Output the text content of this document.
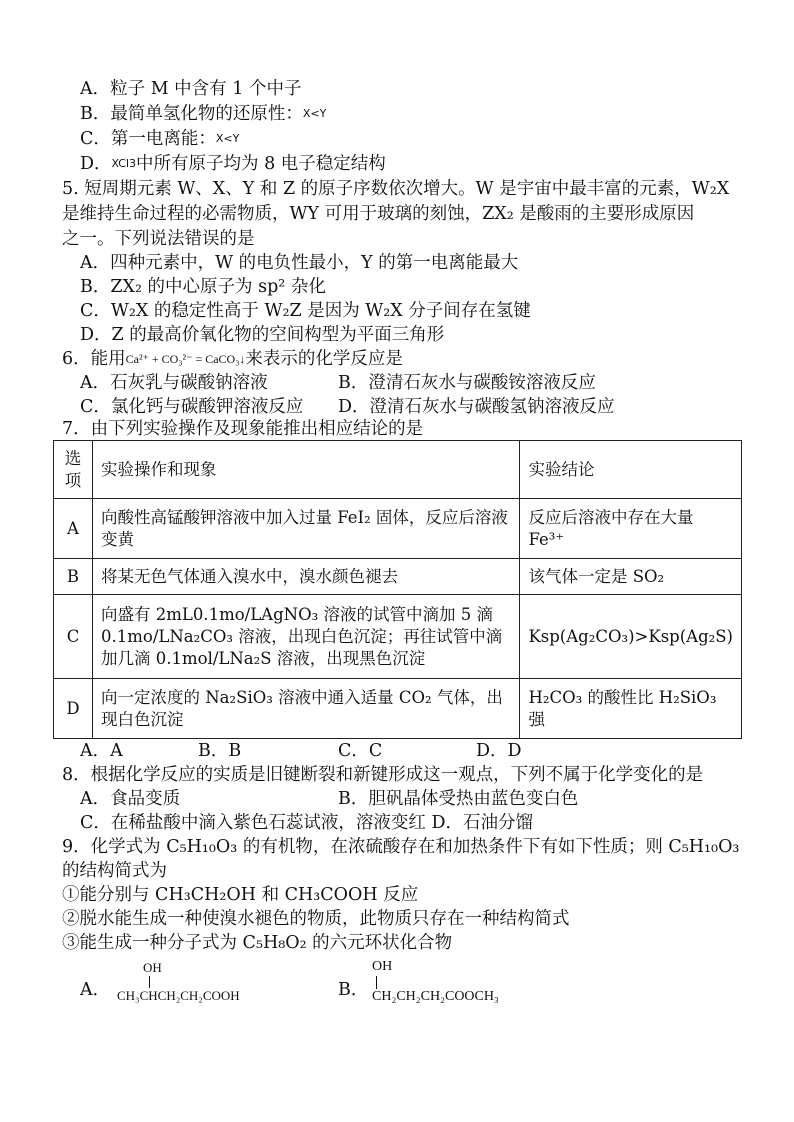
A．粒子 M 中含有 1 个中子
B．最简单氢化物的还原性：X<Y
C．第一电离能：X<Y
D．XCl3中所有原子均为 8 电子稳定结构
5. 短周期元素 W、X、Y 和 Z 的原子序数依次增大。W 是宇宙中最丰富的元素，W₂X
是维持生命过程的必需物质，WY 可用于玻璃的刻蚀，ZX₂ 是酸雨的主要形成原因
之一。下列说法错误的是
A．四种元素中，W 的电负性最小，Y 的第一电离能最大
B．ZX₂ 的中心原子为 sp² 杂化
C．W₂X 的稳定性高于 W₂Z 是因为 W₂X 分子间存在氢键
D．Z 的最高价氧化物的空间构型为平面三角形
6．能用Ca²⁺ + CO₃²⁻ = CaCO₃↓来表示的化学反应是
A．石灰乳与碳酸钠溶液	B．澄清石灰水与碳酸铵溶液反应
C．氯化钙与碳酸钾溶液反应 D．澄清石灰水与碳酸氢钠溶液反应
7．由下列实验操作及现象能推出相应结论的是
选项	实验操作和现象	实验结论
A	向酸性高锰酸钾溶液中加入过量 FeI₂ 固体，反应后溶液变黄	反应后溶液中存在大量 Fe³⁺
B	将某无色气体通入溴水中，溴水颜色褪去	该气体一定是 SO₂
C	向盛有 2mL0.1mo/LAgNO₃ 溶液的试管中滴加 5 滴 0.1mo/LNa₂CO₃ 溶液，出现白色沉淀；再往试管中滴加几滴 0.1mol/LNa₂S 溶液，出现黑色沉淀	Ksp(Ag₂CO₃)>Ksp(Ag₂S)
D	向一定浓度的 Na₂SiO₃ 溶液中通入适量 CO₂ 气体，出现白色沉淀	H₂CO₃ 的酸性比 H₂SiO₃ 强
A．A	B．B	C．C	D．D
8．根据化学反应的实质是旧键断裂和新键形成这一观点，下列不属于化学变化的是
A．食品变质	B．胆矾晶体受热由蓝色变白色
C．在稀盐酸中滴入紫色石蕊试液，溶液变红 D．石油分馏
9．化学式为 C₅H₁₀O₃ 的有机物，在浓硫酸存在和加热条件下有如下性质；则 C₅H₁₀O₃
的结构简式为
①能分别与 CH₃CH₂OH 和 CH₃COOH 反应
②脱水能生成一种使溴水褪色的物质，此物质只存在一种结构简式
③能生成一种分子式为 C₅H₈O₂ 的六元环状化合物
A．
OH
CH₃CHCH₂CH₂COOH	B．
OH
CH₂CH₂CH₂COOCH₃
